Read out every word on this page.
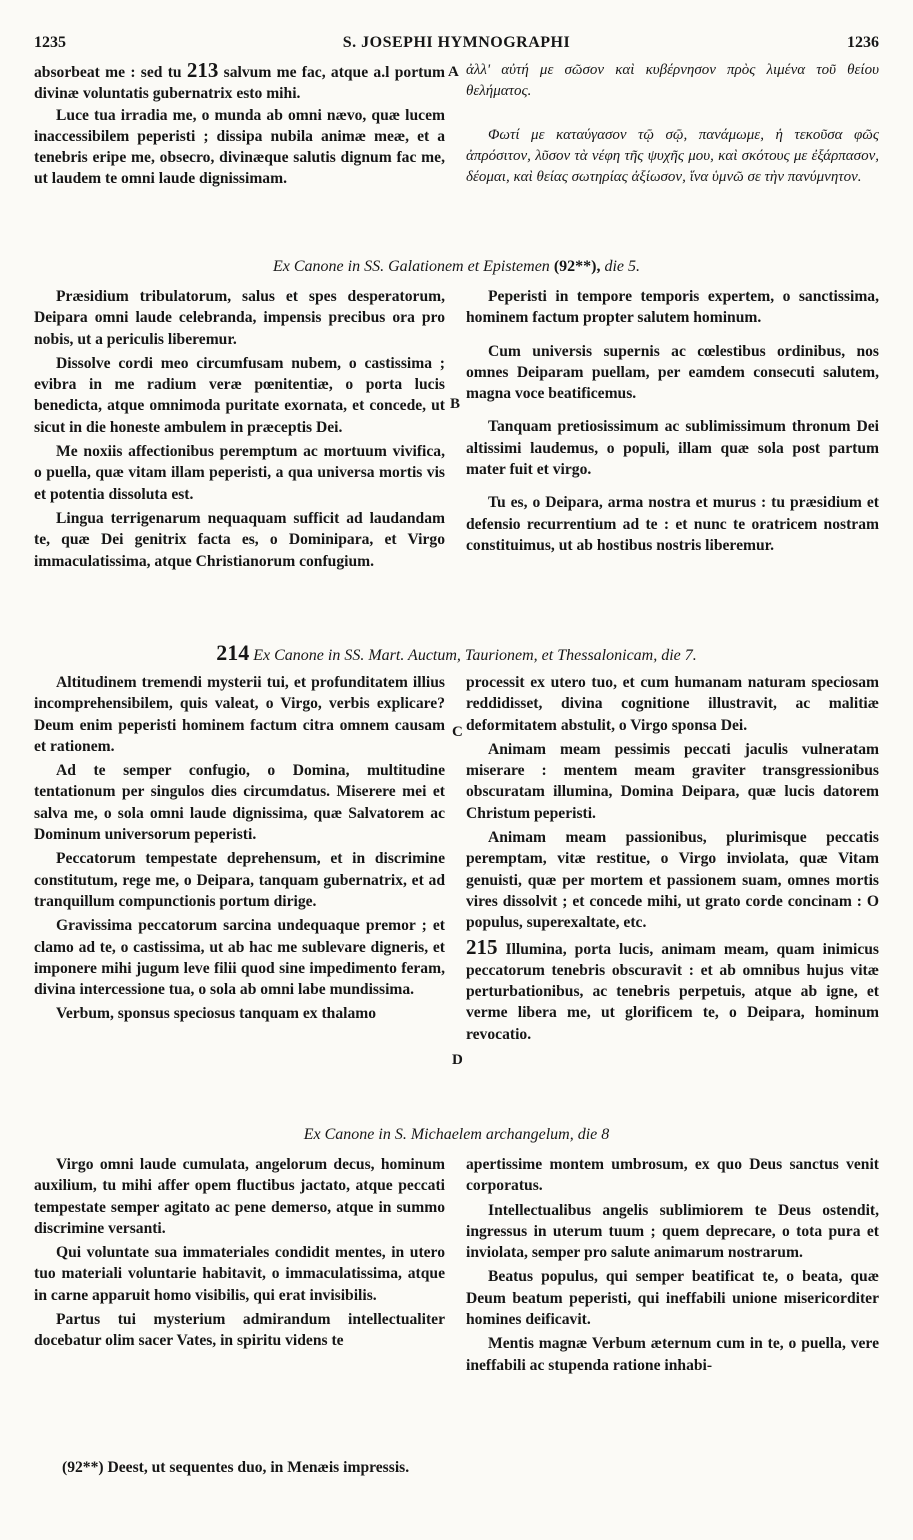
1235	S. JOSEPHI HYMNOGRAPHI	1236

absorbeat me : sed tu 213 salvum me fac, atque a.l portum divinæ voluntatis gubernatrix esto mihi.

Luce tua irradia me, o munda ab omni nævo, quæ lucem inaccessibilem peperisti ; dissipa nubila animæ meæ, et a tenebris eripe me, obsecro, divinæque salutis dignum fac me, ut laudem te omni laude dignissimam.

ἀλλ' αὐτή με σῶσον καὶ κυβέρνησον πρὸς λιμένα τοῦ θείου θελήματος.

Φωτί με καταύγασον τῷ σῷ, πανάμωμε, ἡ τεκοῦσα φῶς ἀπρόσιτον, λῦσον τὰ νέφη τῆς ψυχῆς μου, καὶ σκότους με ἐξάρπασον, δέομαι, καὶ θείας σωτηρίας ἀξίωσον, ἵνα ὑμνῶ σε τὴν πανύμνητον.

A
Ex Canone in SS. Galationem et Epistemen (92**), die 5.

Præsidium tribulatorum, salus et spes desperatorum, Deipara omni laude celebranda, impensis precibus ora pro nobis, ut a periculis liberemur.

Dissolve cordi meo circumfusam nubem, o castissima ; evibra in me radium veræ pœnitentiæ, o porta lucis benedicta, atque omnimoda puritate exornata, et concede, ut sicut in die honeste ambulem in præceptis Dei.

Me noxiis affectionibus peremptum ac mortuum vivifica, o puella, quæ vitam illam peperisti, a qua universa mortis vis et potentia dissoluta est.

Lingua terrigenarum nequaquam sufficit ad laudandam te, quæ Dei genitrix facta es, o Dominipara, et Virgo immaculatissima, atque Christianorum confugium.

Peperisti in tempore temporis expertem, o sanctissima, hominem factum propter salutem hominum.

Cum universis supernis ac cœlestibus ordinibus, nos omnes Deiparam puellam, per eamdem consecuti salutem, magna voce beatificemus.

Tanquam pretiosissimum ac sublimissimum thronum Dei altissimi laudemus, o populi, illam quæ sola post partum mater fuit et virgo.

Tu es, o Deipara, arma nostra et murus : tu præsidium et defensio recurrentium ad te : et nunc te oratricem nostram constituimus, ut ab hostibus nostris liberemur.

B
214 Ex Canone in SS. Mart. Auctum, Taurionem, et Thessalonicam, die 7.

Altitudinem tremendi mysterii tui, et profunditatem illius incomprehensibilem, quis valeat, o Virgo, verbis explicare? Deum enim peperisti hominem factum citra omnem causam et rationem.

Ad te semper confugio, o Domina, multitudine tentationum per singulos dies circumdatus. Miserere mei et salva me, o sola omni laude dignissima, quæ Salvatorem ac Dominum universorum peperisti.

Peccatorum tempestate deprehensum, et in discrimine constitutum, rege me, o Deipara, tanquam gubernatrix, et ad tranquillum compunctionis portum dirige.

Gravissima peccatorum sarcina undequaque premor ; et clamo ad te, o castissima, ut ab hac me sublevare digneris, et imponere mihi jugum leve filii quod sine impedimento feram, divina intercessione tua, o sola ab omni labe mundissima.

Verbum, sponsus speciosus tanquam ex thalamo

processit ex utero tuo, et cum humanam naturam speciosam reddidisset, divina cognitione illustravit, ac malitiæ deformitatem abstulit, o Virgo sponsa Dei.

Animam meam pessimis peccati jaculis vulneratam miserare : mentem meam graviter transgressionibus obscuratam illumina, Domina Deipara, quæ lucis datorem Christum peperisti.

Animam meam passionibus, plurimisque peccatis peremptam, vitæ restitue, o Virgo inviolata, quæ Vitam genuisti, quæ per mortem et passionem suam, omnes mortis vires dissolvit ; et concede mihi, ut grato corde concinam : O populus, superexaltate, etc.

215 Illumina, porta lucis, animam meam, quam inimicus peccatorum tenebris obscuravit : et ab omnibus hujus vitæ perturbationibus, ac tenebris perpetuis, atque ab igne, et verme libera me, ut glorificem te, o Deipara, hominum revocatio.

C
D
Ex Canone in S. Michaelem archangelum, die 8

Virgo omni laude cumulata, angelorum decus, hominum auxilium, tu mihi affer opem fluctibus jactato, atque peccati tempestate semper agitato ac pene demerso, atque in summo discrimine versanti.

Qui voluntate sua immateriales condidit mentes, in utero tuo materiali voluntarie habitavit, o immaculatissima, atque in carne apparuit homo visibilis, qui erat invisibilis.

Partus tui mysterium admirandum intellectualiter docebatur olim sacer Vates, in spiritu videns te

apertissime montem umbrosum, ex quo Deus sanctus venit corporatus.

Intellectualibus angelis sublimiorem te Deus ostendit, ingressus in uterum tuum ; quem deprecare, o tota pura et inviolata, semper pro salute animarum nostrarum.

Beatus populus, qui semper beatificat te, o beata, quæ Deum beatum peperisti, qui ineffabili unione misericorditer homines deificavit.

Mentis magnæ Verbum æternum cum in te, o puella, vere ineffabili ac stupenda ratione inhabi-

(92**) Deest, ut sequentes duo, in Menæis impressis.
